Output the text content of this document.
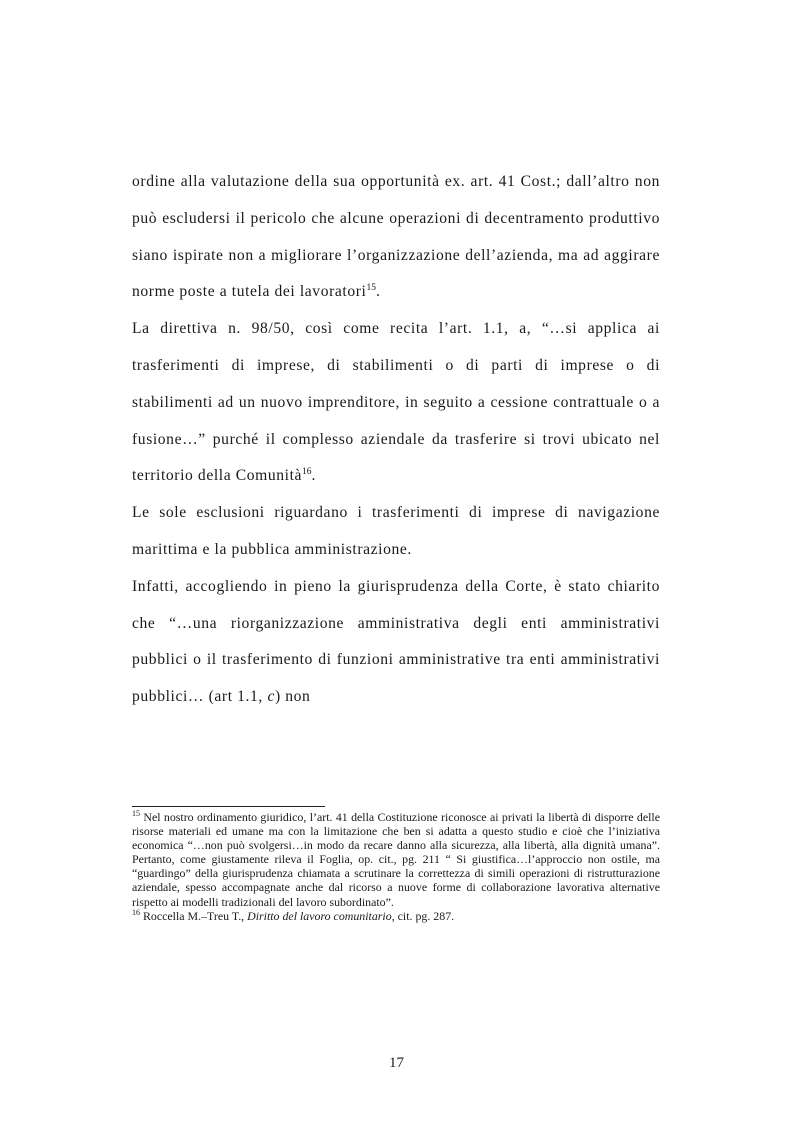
ordine alla valutazione della sua opportunità ex. art. 41 Cost.; dall’altro non può escludersi il pericolo che alcune operazioni di decentramento produttivo siano ispirate non a migliorare l’organizzazione dell’azienda, ma ad aggirare norme poste a tutela dei lavoratori$^{15}$.

La direttiva n. 98/50, così come recita l’art. 1.1, a, “…si applica ai trasferimenti di imprese, di stabilimenti o di parti di imprese o di stabilimenti ad un nuovo imprenditore, in seguito a cessione contrattuale o a fusione…” purché il complesso aziendale da trasferire si trovi ubicato nel territorio della Comunità$^{16}$.

Le sole esclusioni riguardano i trasferimenti di imprese di navigazione marittima e la pubblica amministrazione.

Infatti, accogliendo in pieno la giurisprudenza della Corte, è stato chiarito che “…una riorganizzazione amministrativa degli enti amministrativi pubblici o il trasferimento di funzioni amministrative tra enti amministrativi pubblici… (art 1.1, c) non

$^{15}$ Nel nostro ordinamento giuridico, l’art. 41 della Costituzione riconosce ai privati la libertà di disporre delle risorse materiali ed umane ma con la limitazione che ben si adatta a questo studio e cioè che l’iniziativa economica “…non può svolgersi…in modo da recare danno alla sicurezza, alla libertà, alla dignità umana”. Pertanto, come giustamente rileva il Foglia, op. cit., pg. 211 “ Si giustifica…l’approccio non ostile, ma “guardingo” della giurisprudenza chiamata a scrutinare la correttezza di simili operazioni di ristrutturazione aziendale, spesso accompagnate anche dal ricorso a nuove forme di collaborazione lavorativa alternative rispetto ai modelli tradizionali del lavoro subordinato”.

$^{16}$ Roccella M.–Treu T., Diritto del lavoro comunitario, cit. pg. 287.

17
